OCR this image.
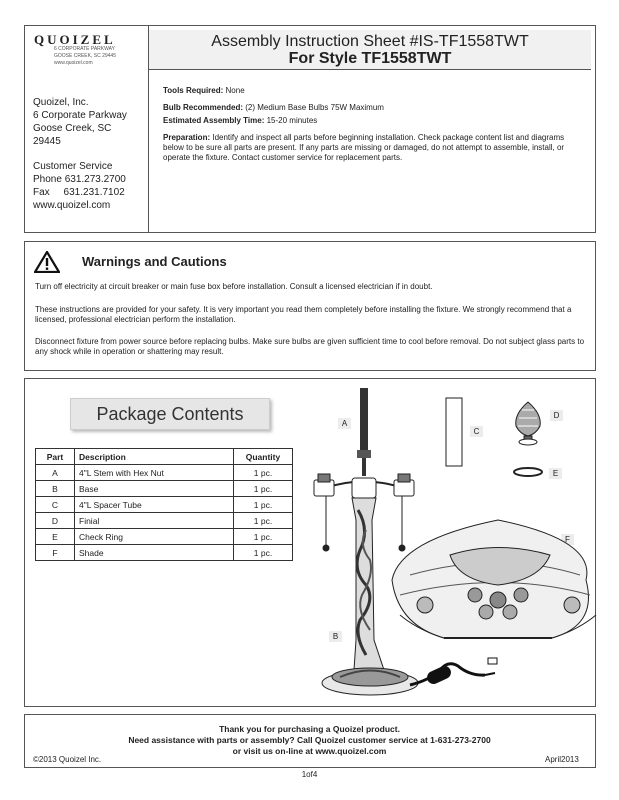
QUOIZEL
6 CORPORATE PARKWAY
GOOSE CREEK, SC 29445
www.quoizel.com
Quoizel, Inc.
6 Corporate Parkway
Goose Creek, SC
29445
Customer Service
Phone 631.273.2700
Fax     631.231.7102
www.quoizel.com
Assembly Instruction Sheet #IS-TF1558TWT
For Style TF1558TWT
Tools Required: None
Bulb Recommended: (2) Medium Base Bulbs 75W Maximum
Estimated Assembly Time: 15-20 minutes
Preparation: Identify and inspect all parts before beginning installation. Check package content list and diagrams below to be sure all parts are present. If any parts are missing or damaged, do not attempt to assemble, install, or operate the fixture. Contact customer service for replacement parts.
Warnings and Cautions
Turn off electricity at circuit breaker or main fuse box before installation. Consult a licensed electrician if in doubt.
These instructions are provided for your safety. It is very important you read them completely before installing the fixture. We strongly recommend that a licensed, professional electrician perform the installation.
Disconnect fixture from power source before replacing bulbs. Make sure bulbs are given sufficient time to cool before removal. Do not subject glass parts to any shock while in operation or shattering may result.
Package Contents
Part	Description	Quantity
A	4"L Stem with Hex Nut	1 pc.
B	Base	1 pc.
C	4"L Spacer Tube	1 pc.
D	Finial	1 pc.
E	Check Ring	1 pc.
F	Shade	1 pc.
A
B
C
D
E
F
Thank you for purchasing a Quoizel product.
Need assistance with parts or assembly? Call Quoizel customer service at 1-631-273-2700
or visit us on-line at www.quoizel.com
©2013 Quoizel Inc.	April2013
1of4
